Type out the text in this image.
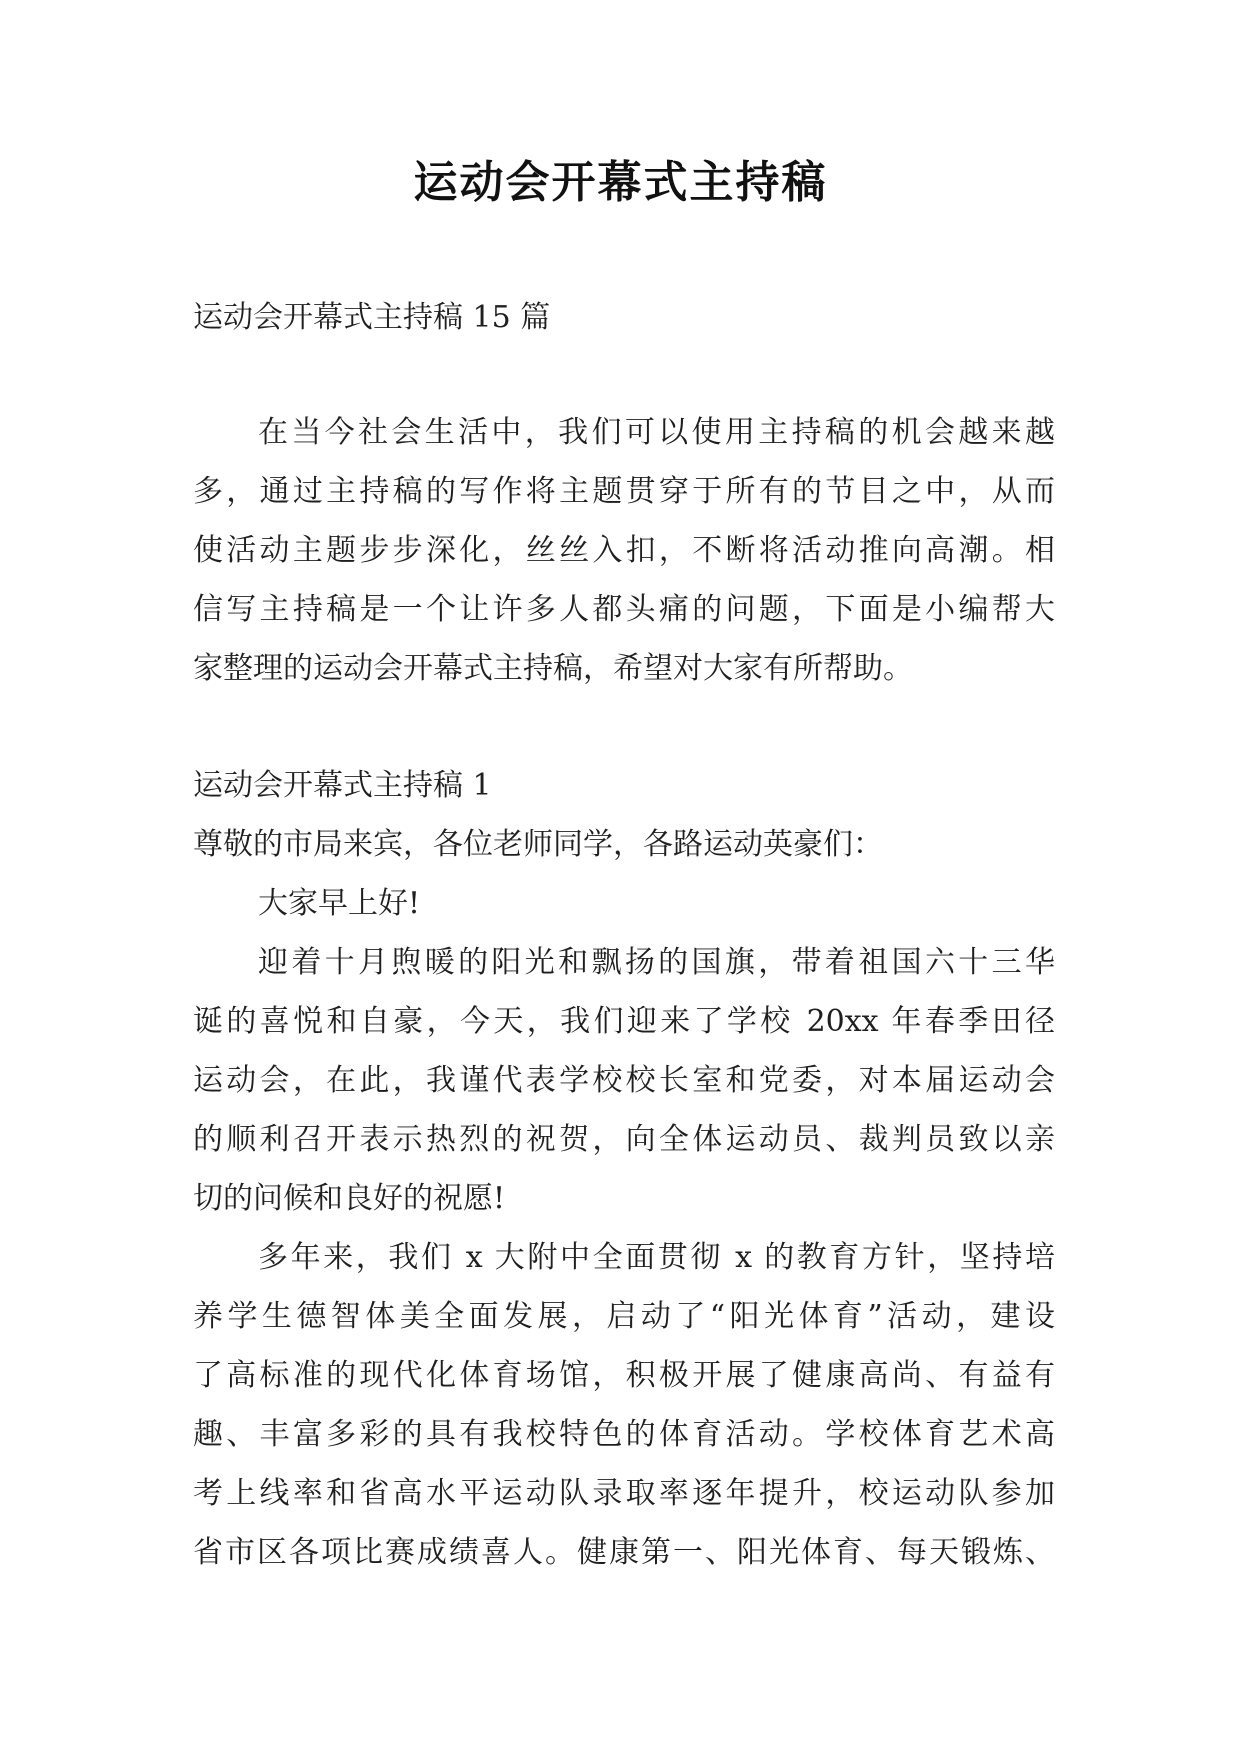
运动会开幕式主持稿
运动会开幕式主持稿 15 篇
在当今社会生活中，我们可以使用主持稿的机会越来越
多，通过主持稿的写作将主题贯穿于所有的节目之中，从而
使活动主题步步深化，丝丝入扣，不断将活动推向高潮。相
信写主持稿是一个让许多人都头痛的问题，下面是小编帮大
家整理的运动会开幕式主持稿，希望对大家有所帮助。
运动会开幕式主持稿 1
尊敬的市局来宾，各位老师同学，各路运动英豪们：
大家早上好!
迎着十月煦暖的阳光和飘扬的国旗，带着祖国六十三华
诞的喜悦和自豪，今天，我们迎来了学校 20xx 年春季田径
运动会，在此，我谨代表学校校长室和党委，对本届运动会
的顺利召开表示热烈的祝贺，向全体运动员、裁判员致以亲
切的问候和良好的祝愿!
多年来，我们 x 大附中全面贯彻 x 的教育方针，坚持培
养学生德智体美全面发展，启动了“阳光体育”活动，建设
了高标准的现代化体育场馆，积极开展了健康高尚、有益有
趣、丰富多彩的具有我校特色的体育活动。学校体育艺术高
考上线率和省高水平运动队录取率逐年提升，校运动队参加
省市区各项比赛成绩喜人。健康第一、阳光体育、每天锻炼、
